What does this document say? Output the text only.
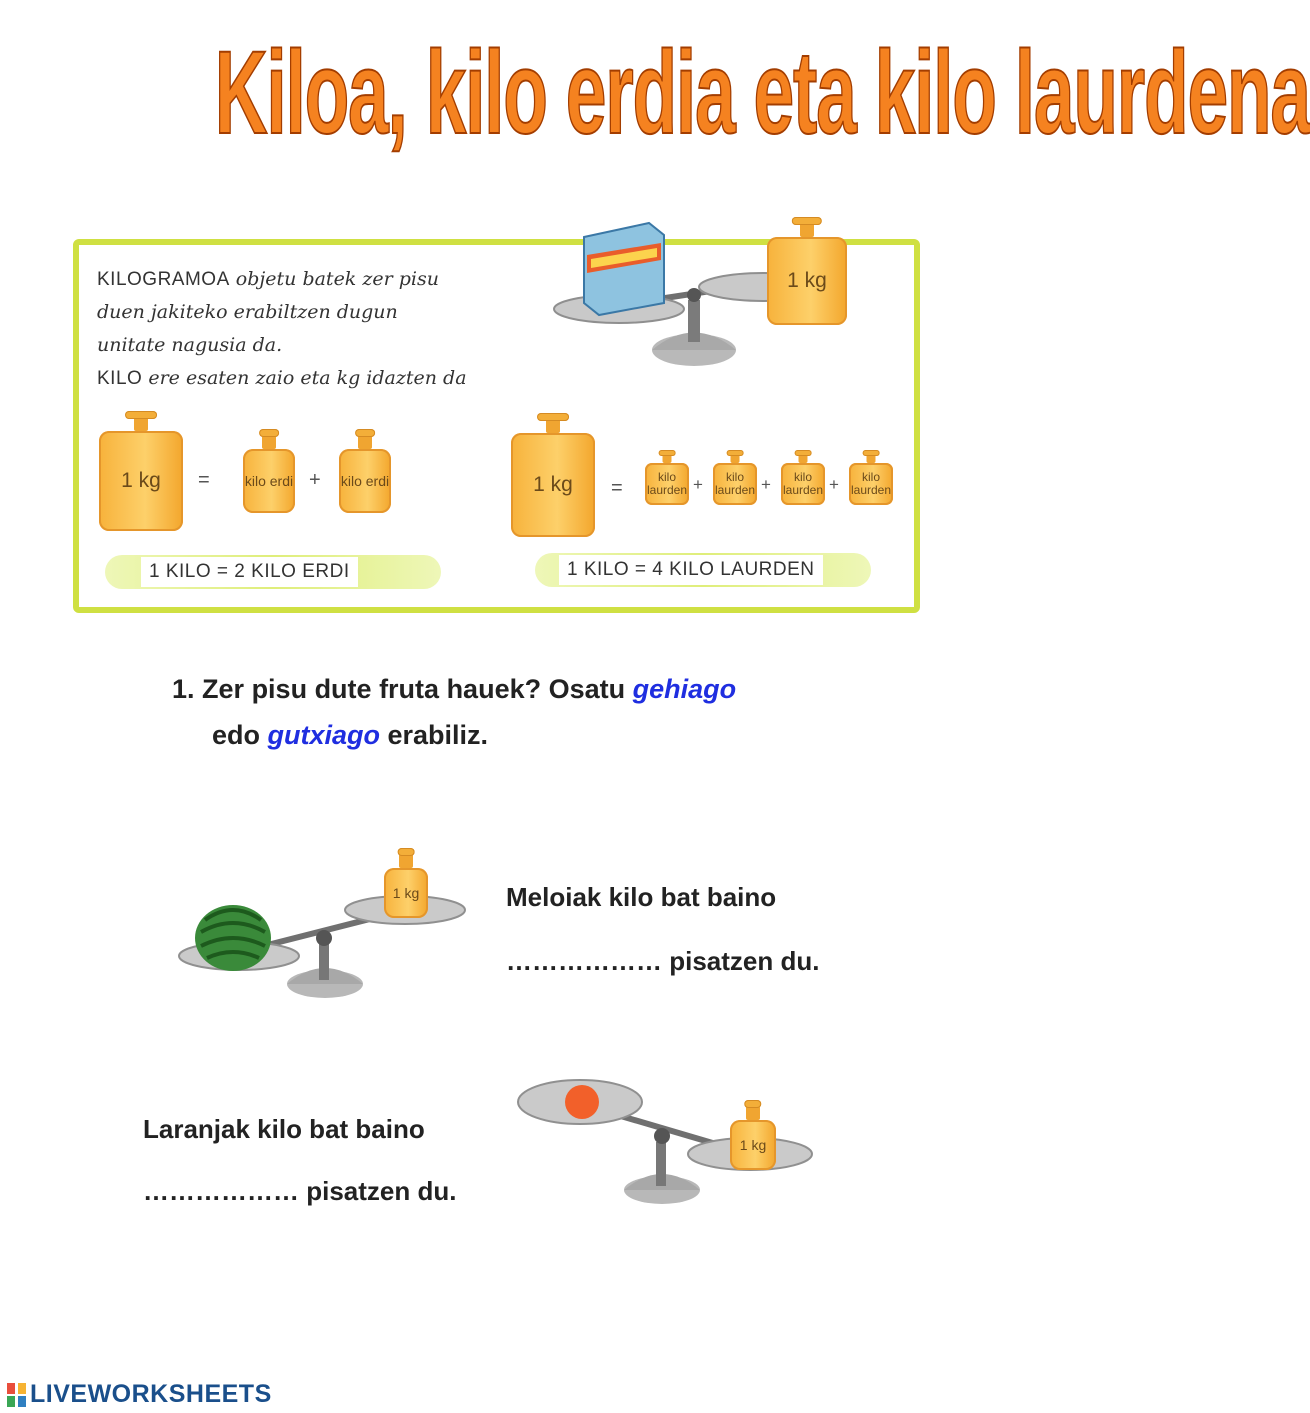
Kiloa, kilo erdia eta kilo laurdena
KILOGRAMOA objetu batek zer pisu
duen jakiteko erabiltzen dugun
unitate nagusia da.
KILO ere esaten zaio eta kg idazten da
1 kg
1 kg =	kilo erdi + kilo erdi
1 KILO = 2 KILO ERDI
1 kg =	kilo laurden +	kilo laurden +	kilo laurden +	kilo laurden
1 KILO = 4 KILO LAURDEN
1. Zer pisu dute fruta hauek? Osatu gehiago
edo gutxiago erabiliz.
1 kg	Meloiak kilo bat baino
……………… pisatzen du.
Laranjak kilo bat baino
……………… pisatzen du.
1 kg
LIVEWORKSHEETS
